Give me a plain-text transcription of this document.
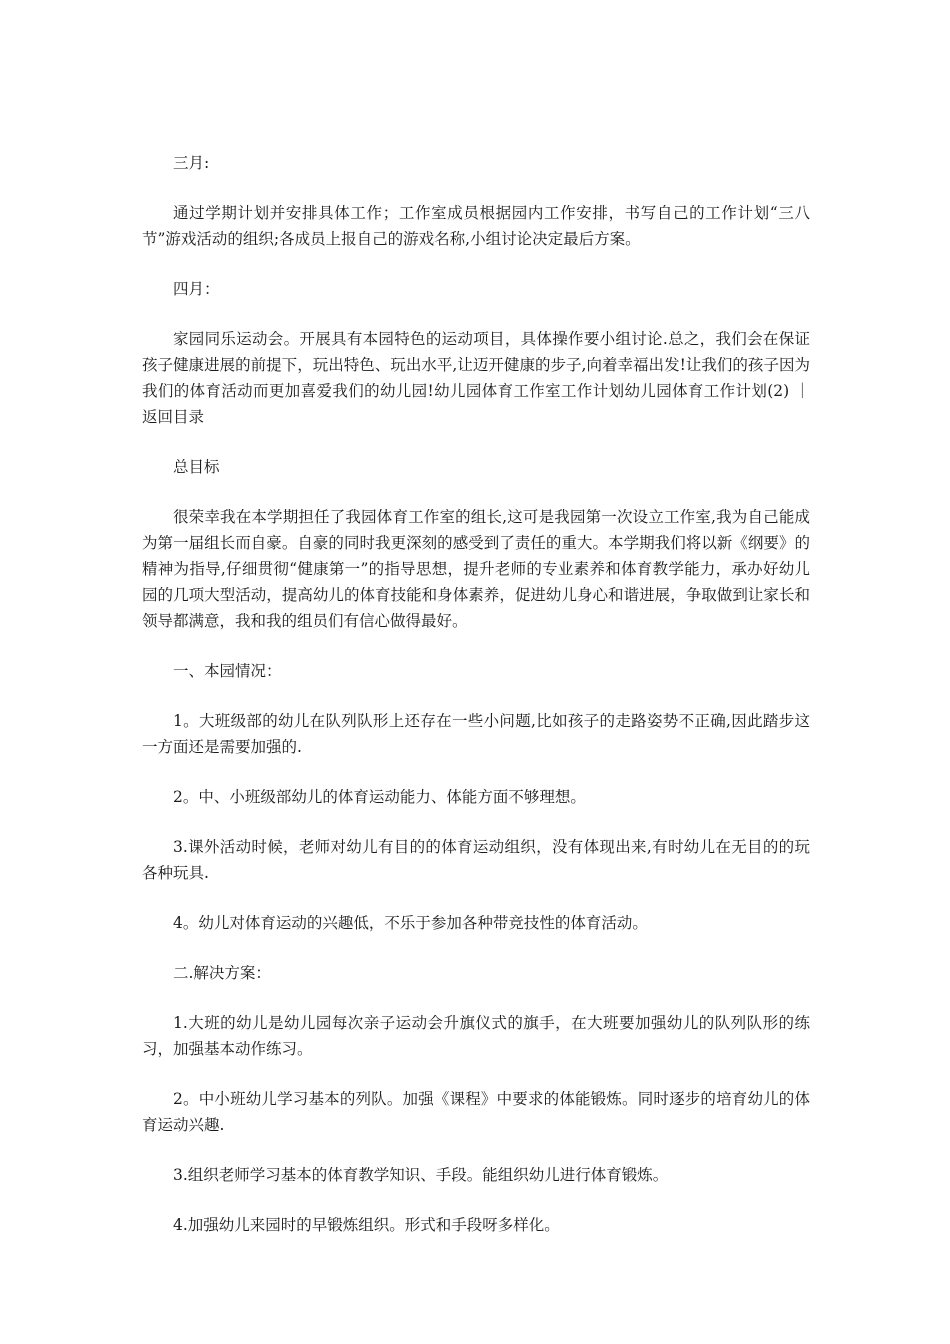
三月:

通过学期计划并安排具体工作；工作室成员根据园内工作安排，书写自己的工作计划“三八节”游戏活动的组织;各成员上报自己的游戏名称,小组讨论决定最后方案。

四月：

家园同乐运动会。开展具有本园特色的运动项目，具体操作要小组讨论.总之，我们会在保证孩子健康进展的前提下，玩出特色、玩出水平,让迈开健康的步子,向着幸福出发!让我们的孩子因为我们的体育活动而更加喜爱我们的幼儿园!幼儿园体育工作室工作计划幼儿园体育工作计划(2) ｜ 返回目录

总目标

很荣幸我在本学期担任了我园体育工作室的组长,这可是我园第一次设立工作室,我为自己能成为第一届组长而自豪。自豪的同时我更深刻的感受到了责任的重大。本学期我们将以新《纲要》的精神为指导,仔细贯彻“健康第一”的指导思想，提升老师的专业素养和体育教学能力，承办好幼儿园的几项大型活动，提高幼儿的体育技能和身体素养，促进幼儿身心和谐进展，争取做到让家长和领导都满意，我和我的组员们有信心做得最好。

一、本园情况：

1。大班级部的幼儿在队列队形上还存在一些小问题,比如孩子的走路姿势不正确,因此踏步这一方面还是需要加强的.

2。中、小班级部幼儿的体育运动能力、体能方面不够理想。

3.课外活动时候，老师对幼儿有目的的体育运动组织，没有体现出来,有时幼儿在无目的的玩各种玩具.

4。幼儿对体育运动的兴趣低，不乐于参加各种带竞技性的体育活动。

二.解决方案：

1.大班的幼儿是幼儿园每次亲子运动会升旗仪式的旗手，在大班要加强幼儿的队列队形的练习，加强基本动作练习。

2。中小班幼儿学习基本的列队。加强《课程》中要求的体能锻炼。同时逐步的培育幼儿的体育运动兴趣.

3.组织老师学习基本的体育教学知识、手段。能组织幼儿进行体育锻炼。

4.加强幼儿来园时的早锻炼组织。形式和手段呀多样化。
